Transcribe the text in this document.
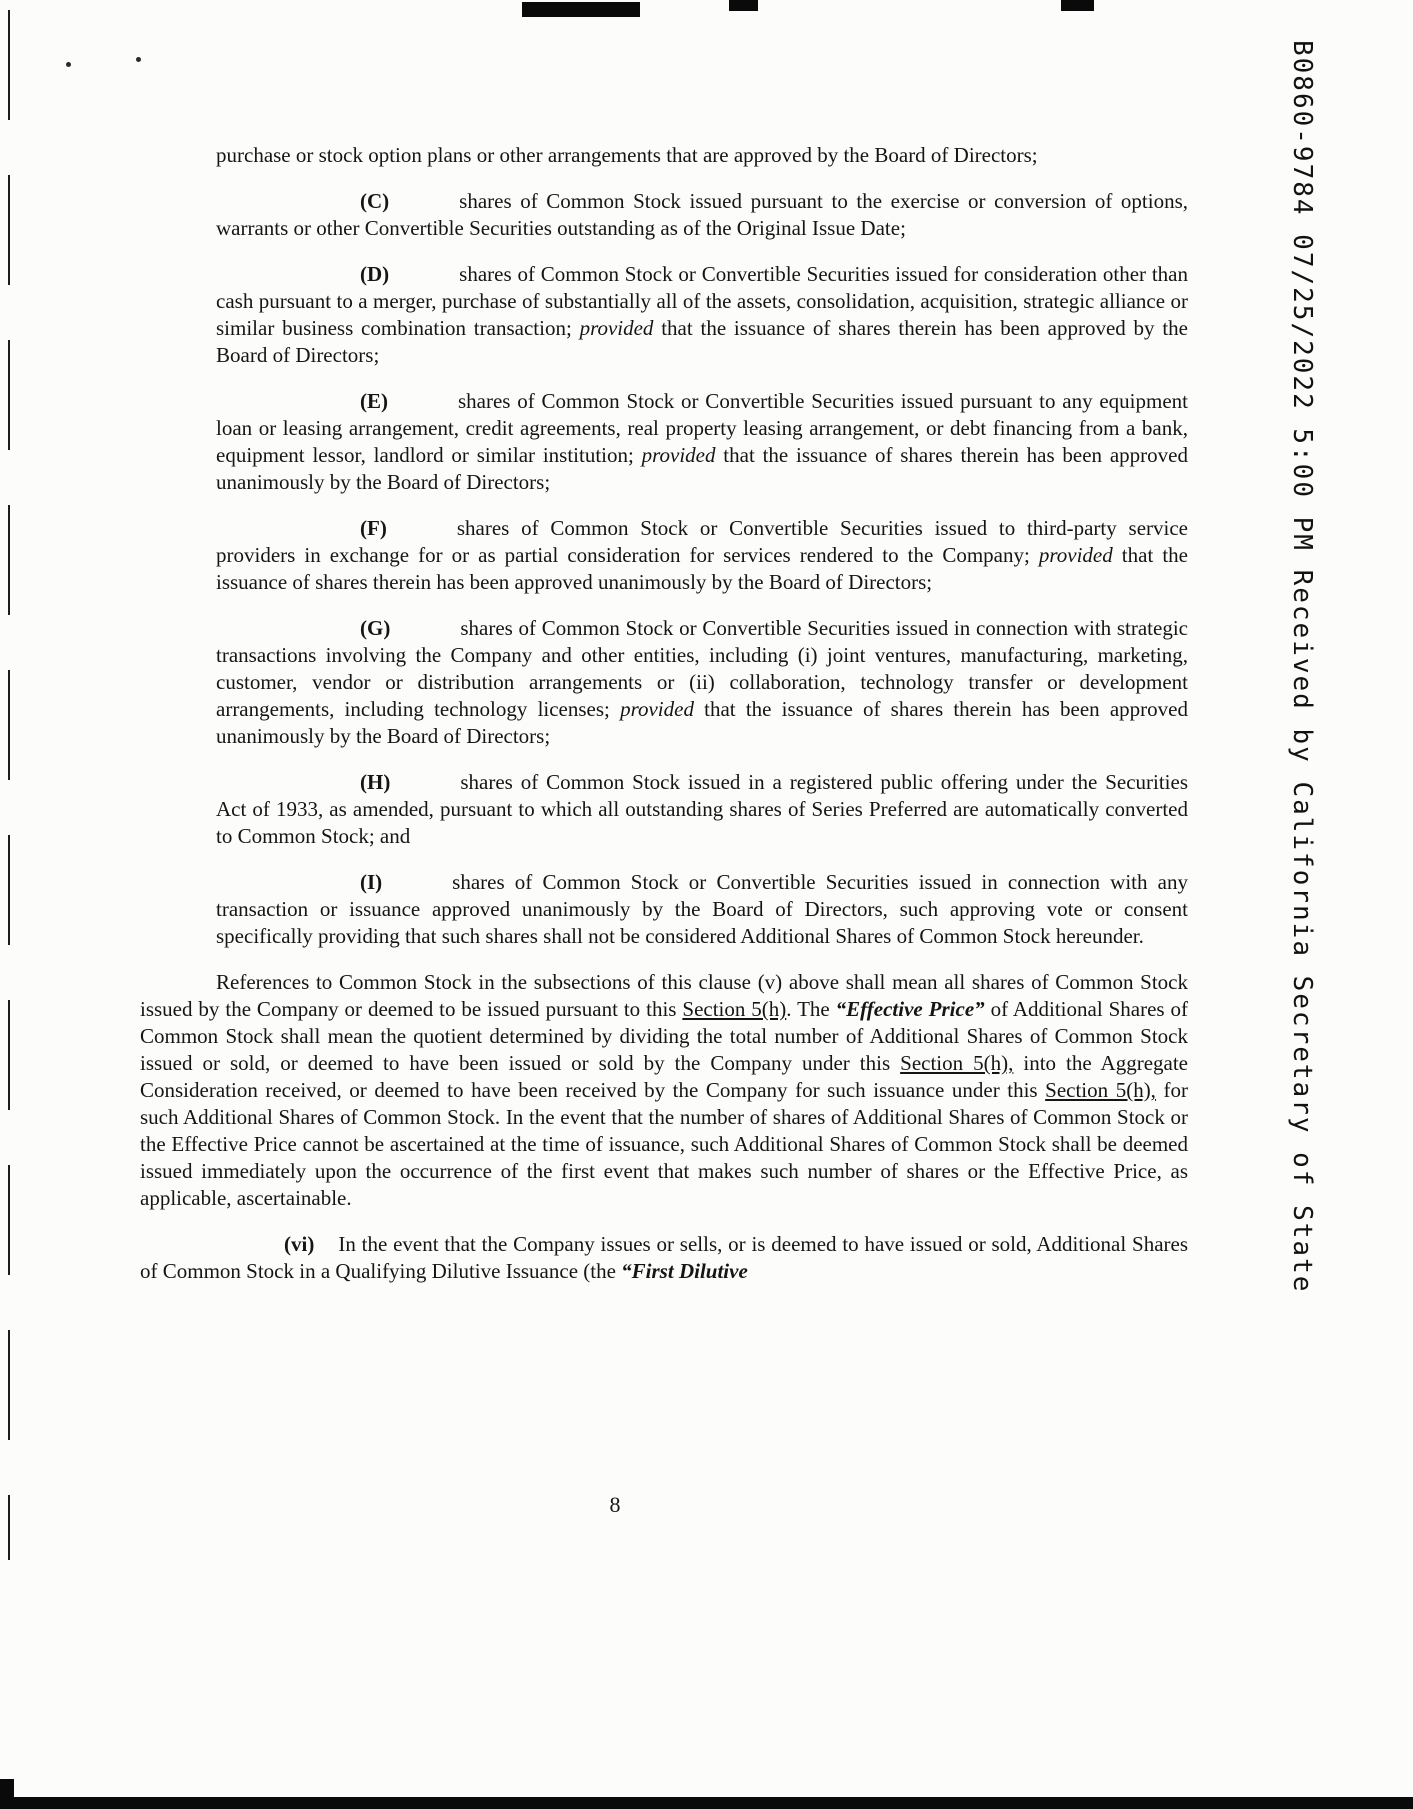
B0860-9784 07/25/2022 5:00 PM Received by California Secretary of State

purchase or stock option plans or other arrangements that are approved by the Board of Directors;

(C)	shares of Common Stock issued pursuant to the exercise or conversion of options, warrants or other Convertible Securities outstanding as of the Original Issue Date;

(D)	shares of Common Stock or Convertible Securities issued for consideration other than cash pursuant to a merger, purchase of substantially all of the assets, consolidation, acquisition, strategic alliance or similar business combination transaction; provided that the issuance of shares therein has been approved by the Board of Directors;

(E)	shares of Common Stock or Convertible Securities issued pursuant to any equipment loan or leasing arrangement, credit agreements, real property leasing arrangement, or debt financing from a bank, equipment lessor, landlord or similar institution; provided that the issuance of shares therein has been approved unanimously by the Board of Directors;

(F)	shares of Common Stock or Convertible Securities issued to third-party service providers in exchange for or as partial consideration for services rendered to the Company; provided that the issuance of shares therein has been approved unanimously by the Board of Directors;

(G)	shares of Common Stock or Convertible Securities issued in connection with strategic transactions involving the Company and other entities, including (i) joint ventures, manufacturing, marketing, customer, vendor or distribution arrangements or (ii) collaboration, technology transfer or development arrangements, including technology licenses; provided that the issuance of shares therein has been approved unanimously by the Board of Directors;

(H)	shares of Common Stock issued in a registered public offering under the Securities Act of 1933, as amended, pursuant to which all outstanding shares of Series Preferred are automatically converted to Common Stock; and

(I)	shares of Common Stock or Convertible Securities issued in connection with any transaction or issuance approved unanimously by the Board of Directors, such approving vote or consent specifically providing that such shares shall not be considered Additional Shares of Common Stock hereunder.

References to Common Stock in the subsections of this clause (v) above shall mean all shares of Common Stock issued by the Company or deemed to be issued pursuant to this Section 5(h). The “Effective Price” of Additional Shares of Common Stock shall mean the quotient determined by dividing the total number of Additional Shares of Common Stock issued or sold, or deemed to have been issued or sold by the Company under this Section 5(h), into the Aggregate Consideration received, or deemed to have been received by the Company for such issuance under this Section 5(h), for such Additional Shares of Common Stock. In the event that the number of shares of Additional Shares of Common Stock or the Effective Price cannot be ascertained at the time of issuance, such Additional Shares of Common Stock shall be deemed issued immediately upon the occurrence of the first event that makes such number of shares or the Effective Price, as applicable, ascertainable.

(vi) In the event that the Company issues or sells, or is deemed to have issued or sold, Additional Shares of Common Stock in a Qualifying Dilutive Issuance (the “First Dilutive

8
